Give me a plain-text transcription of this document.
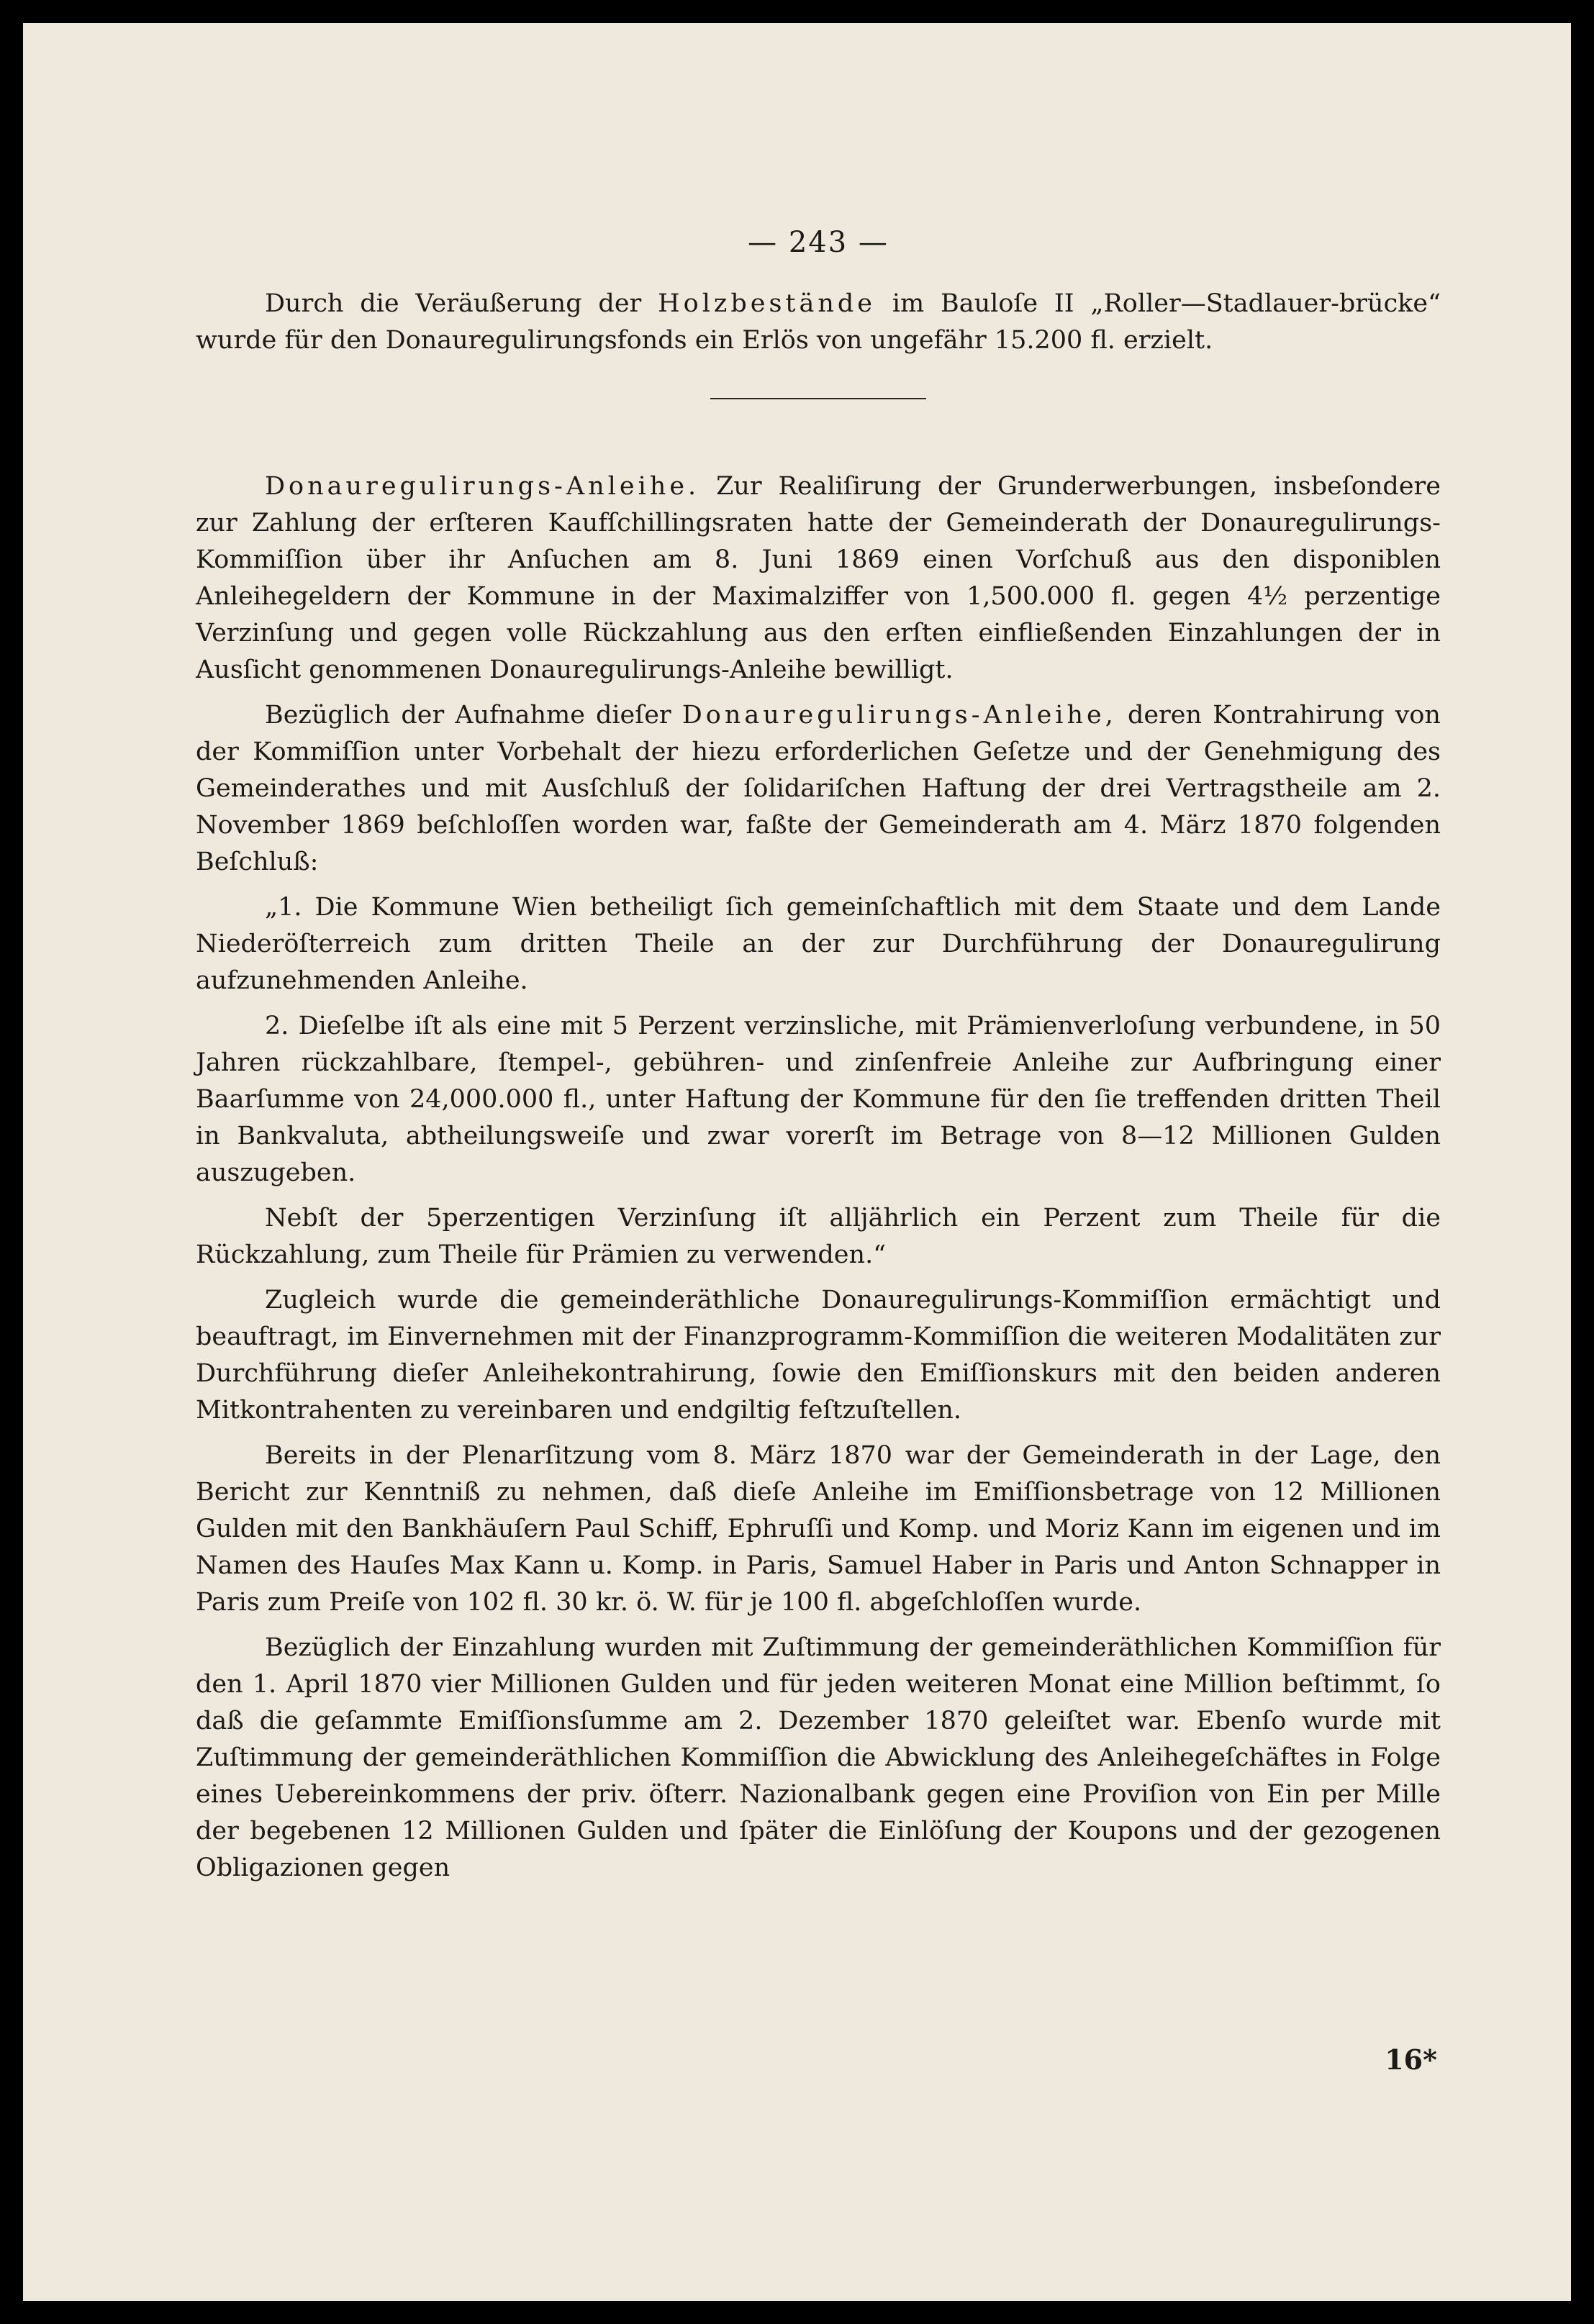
— 243 —

Durch die Veräußerung der Holzbestände im Bauloſe II „Roller—Stadlauer-brücke“ wurde für den Donauregulirungsfonds ein Erlös von ungefähr 15.200 fl. erzielt.

Donauregulirungs-Anleihe. Zur Realiſirung der Grunderwerbungen, insbeſondere zur Zahlung der erſteren Kaufſchillingsraten hatte der Gemeinderath der Donauregulirungs-Kommiſſion über ihr Anſuchen am 8. Juni 1869 einen Vorſchuß aus den disponiblen Anleihegeldern der Kommune in der Maximalziffer von 1,500.000 fl. gegen 4½ perzentige Verzinſung und gegen volle Rückzahlung aus den erſten einfließenden Einzahlungen der in Ausſicht genommenen Donauregulirungs-Anleihe bewilligt.

Bezüglich der Aufnahme dieſer Donauregulirungs-Anleihe, deren Kontrahirung von der Kommiſſion unter Vorbehalt der hiezu erforderlichen Geſetze und der Genehmigung des Gemeinderathes und mit Ausſchluß der ſolidariſchen Haftung der drei Vertragstheile am 2. November 1869 beſchloſſen worden war, faßte der Gemeinderath am 4. März 1870 folgenden Beſchluß:

„1. Die Kommune Wien betheiligt ſich gemeinſchaftlich mit dem Staate und dem Lande Niederöſterreich zum dritten Theile an der zur Durchführung der Donauregulirung aufzunehmenden Anleihe.

2. Dieſelbe iſt als eine mit 5 Perzent verzinsliche, mit Prämienverloſung verbundene, in 50 Jahren rückzahlbare, ſtempel-, gebühren- und zinſenfreie Anleihe zur Aufbringung einer Baarſumme von 24,000.000 fl., unter Haftung der Kommune für den ſie treffenden dritten Theil in Bankvaluta, abtheilungsweiſe und zwar vorerſt im Betrage von 8—12 Millionen Gulden auszugeben.

Nebſt der 5perzentigen Verzinſung iſt alljährlich ein Perzent zum Theile für die Rückzahlung, zum Theile für Prämien zu verwenden.“

Zugleich wurde die gemeinderäthliche Donauregulirungs-Kommiſſion ermächtigt und beauftragt, im Einvernehmen mit der Finanzprogramm-Kommiſſion die weiteren Modalitäten zur Durchführung dieſer Anleihekontrahirung, ſowie den Emiſſionskurs mit den beiden anderen Mitkontrahenten zu vereinbaren und endgiltig feſtzuſtellen.

Bereits in der Plenarſitzung vom 8. März 1870 war der Gemeinderath in der Lage, den Bericht zur Kenntniß zu nehmen, daß dieſe Anleihe im Emiſſionsbetrage von 12 Millionen Gulden mit den Bankhäuſern Paul Schiff, Ephruſſi und Komp. und Moriz Kann im eigenen und im Namen des Hauſes Max Kann u. Komp. in Paris, Samuel Haber in Paris und Anton Schnapper in Paris zum Preiſe von 102 fl. 30 kr. ö. W. für je 100 fl. abgeſchloſſen wurde.

Bezüglich der Einzahlung wurden mit Zuſtimmung der gemeinderäthlichen Kommiſſion für den 1. April 1870 vier Millionen Gulden und für jeden weiteren Monat eine Million beſtimmt, ſo daß die geſammte Emiſſionsſumme am 2. Dezember 1870 geleiſtet war. Ebenſo wurde mit Zuſtimmung der gemeinderäthlichen Kommiſſion die Abwicklung des Anleihegeſchäftes in Folge eines Uebereinkommens der priv. öſterr. Nazionalbank gegen eine Proviſion von Ein per Mille der begebenen 12 Millionen Gulden und ſpäter die Einlöſung der Koupons und der gezogenen Obligazionen gegen

16*
